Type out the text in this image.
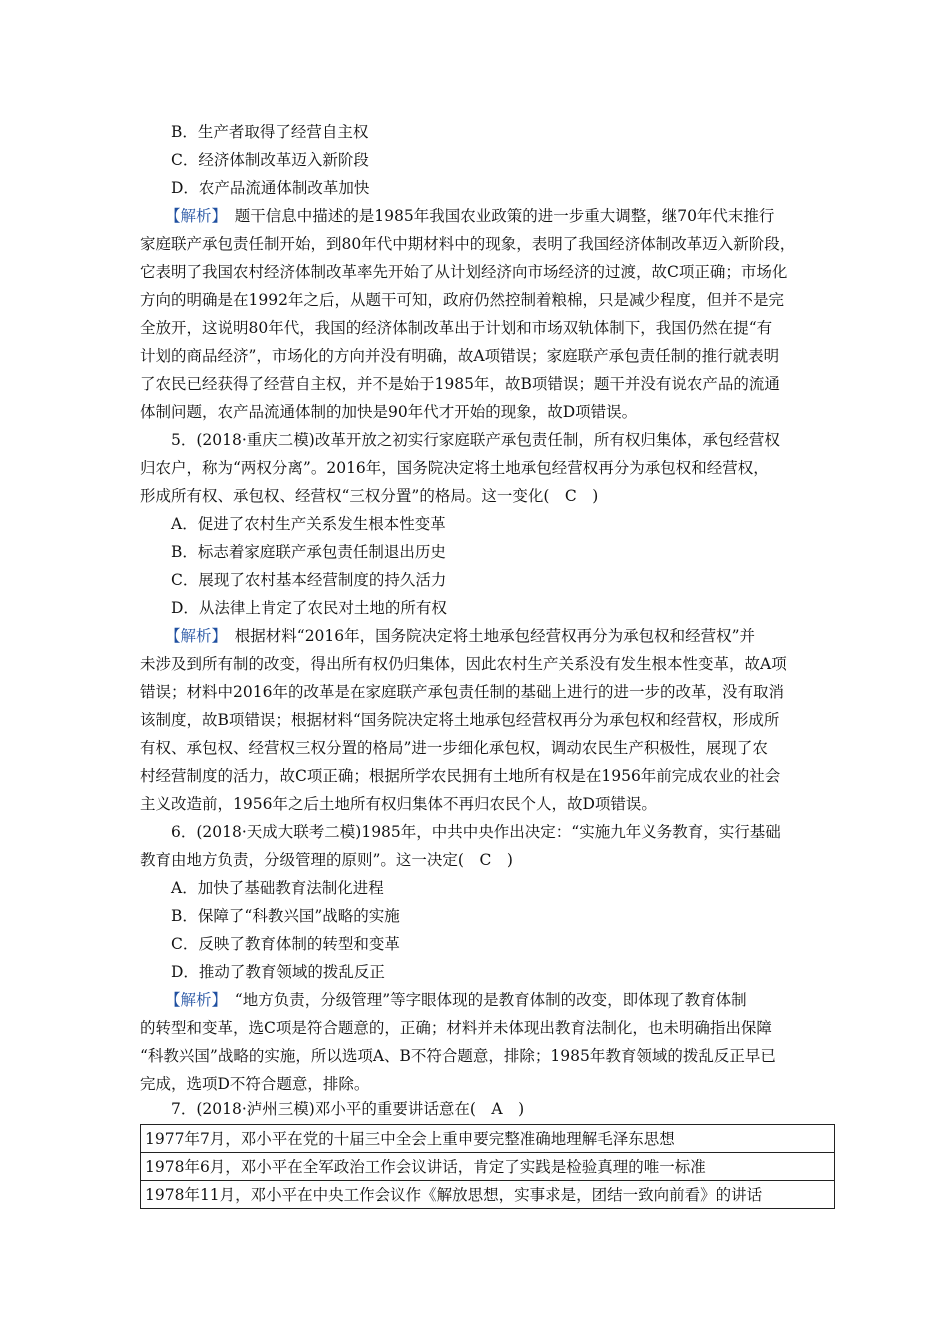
B．生产者取得了经营自主权
C．经济体制改革迈入新阶段
D．农产品流通体制改革加快
【解析】　题干信息中描述的是1985年我国农业政策的进一步重大调整，继70年代末推行
家庭联产承包责任制开始，到80年代中期材料中的现象，表明了我国经济体制改革迈入新阶段，
它表明了我国农村经济体制改革率先开始了从计划经济向市场经济的过渡，故C项正确；市场化
方向的明确是在1992年之后，从题干可知，政府仍然控制着粮棉，只是减少程度，但并不是完
全放开，这说明80年代，我国的经济体制改革出于计划和市场双轨体制下，我国仍然在提“有
计划的商品经济”，市场化的方向并没有明确，故A项错误；家庭联产承包责任制的推行就表明
了农民已经获得了经营自主权，并不是始于1985年，故B项错误；题干并没有说农产品的流通
体制问题，农产品流通体制的加快是90年代才开始的现象，故D项错误。
5．(2018·重庆二模)改革开放之初实行家庭联产承包责任制，所有权归集体，承包经营权
归农户，称为“两权分离”。2016年，国务院决定将土地承包经营权再分为承包权和经营权，
形成所有权、承包权、经营权“三权分置”的格局。这一变化(　C　)
A．促进了农村生产关系发生根本性变革
B．标志着家庭联产承包责任制退出历史
C．展现了农村基本经营制度的持久活力
D．从法律上肯定了农民对土地的所有权
【解析】　根据材料“2016年，国务院决定将土地承包经营权再分为承包权和经营权”并
未涉及到所有制的改变，得出所有权仍归集体，因此农村生产关系没有发生根本性变革，故A项
错误；材料中2016年的改革是在家庭联产承包责任制的基础上进行的进一步的改革，没有取消
该制度，故B项错误；根据材料“国务院决定将土地承包经营权再分为承包权和经营权，形成所
有权、承包权、经营权三权分置的格局”进一步细化承包权，调动农民生产积极性，展现了农
村经营制度的活力，故C项正确；根据所学农民拥有土地所有权是在1956年前完成农业的社会
主义改造前，1956年之后土地所有权归集体不再归农民个人，故D项错误。
6．(2018·天成大联考二模)1985年，中共中央作出决定：“实施九年义务教育，实行基础
教育由地方负责，分级管理的原则”。这一决定(　C　)
A．加快了基础教育法制化进程
B．保障了“科教兴国”战略的实施
C．反映了教育体制的转型和变革
D．推动了教育领域的拨乱反正
【解析】　“地方负责，分级管理”等字眼体现的是教育体制的改变，即体现了教育体制
的转型和变革，选C项是符合题意的，正确；材料并未体现出教育法制化，也未明确指出保障
“科教兴国”战略的实施，所以选项A、B不符合题意，排除；1985年教育领域的拨乱反正早已
完成，选项D不符合题意，排除。
7．(2018·泸州三模)邓小平的重要讲话意在(　A　)
1977年7月，邓小平在党的十届三中全会上重申要完整准确地理解毛泽东思想
1978年6月，邓小平在全军政治工作会议讲话，肯定了实践是检验真理的唯一标准
1978年11月，邓小平在中央工作会议作《解放思想，实事求是，团结一致向前看》的讲话
